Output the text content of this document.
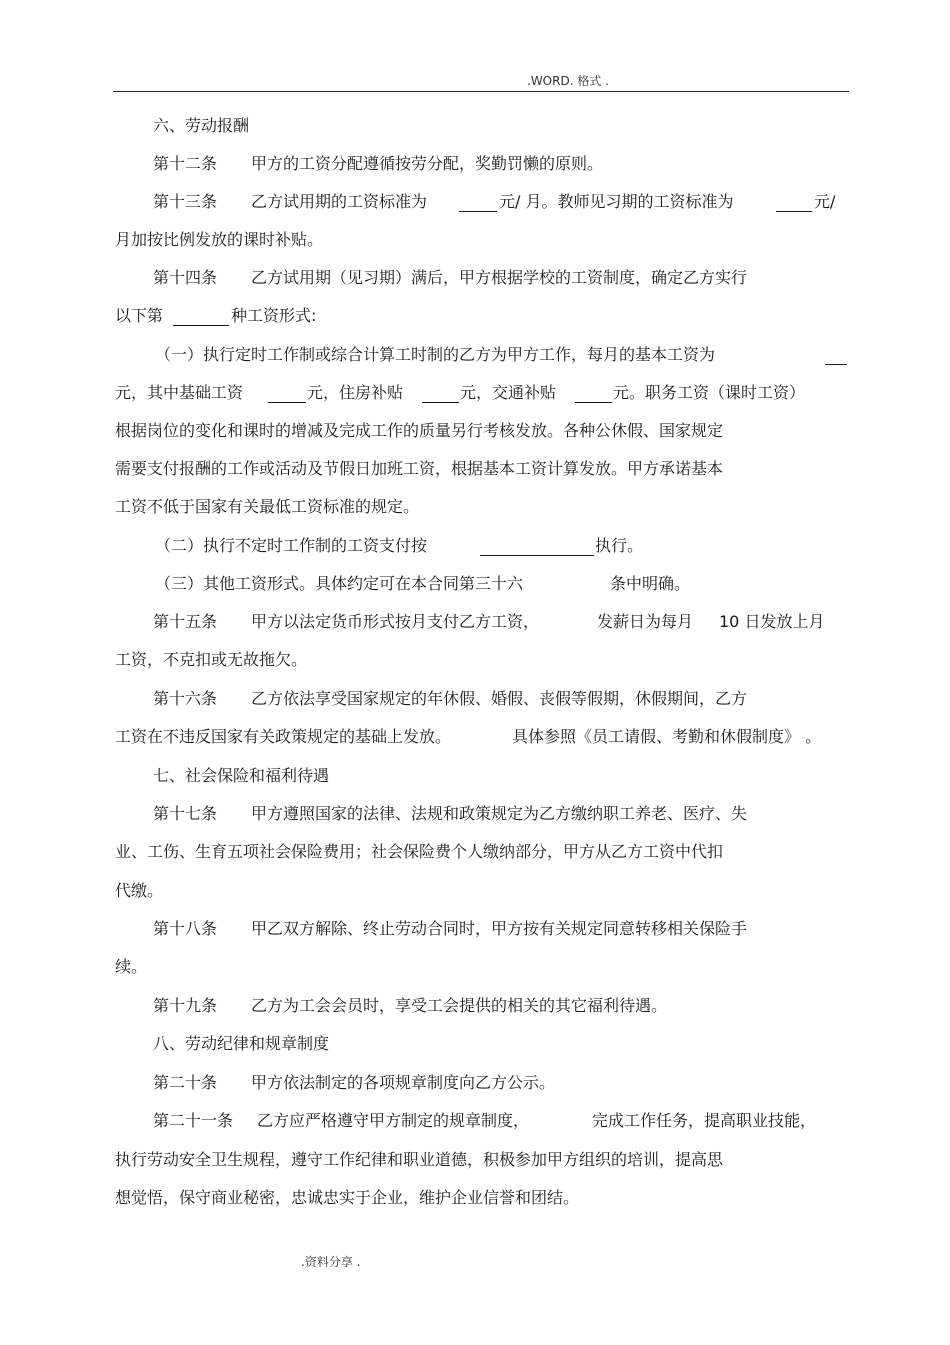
.WORD. 格式 .
六、劳动报酬
第十二条 甲方的工资分配遵循按劳分配，奖勤罚懒的原则。
第十三条 乙方试用期的工资标准为	元/ 月。教师见习期的工资标准为	元/
月加按比例发放的课时补贴。
第十四条 乙方试用期（见习期）满后，甲方根据学校的工资制度，确定乙方实行
以下第	种工资形式:
（一）执行定时工作制或综合计算工时制的乙方为甲方工作，每月的基本工资为
元，其中基础工资	元，住房补贴	元，交通补贴	元。职务工资（课时工资）
根据岗位的变化和课时的增减及完成工作的质量另行考核发放。各种公休假、国家规定
需要支付报酬的工作或活动及节假日加班工资，根据基本工资计算发放。甲方承诺基本
工资不低于国家有关最低工资标准的规定。
（二）执行不定时工作制的工资支付按	执行。
（三）其他工资形式。具体约定可在本合同第三十六	条中明确。
第十五条 甲方以法定货币形式按月支付乙方工资，	发薪日为每月 10 日发放上月
工资，不克扣或无故拖欠。
第十六条 乙方依法享受国家规定的年休假、婚假、丧假等假期，休假期间，乙方
工资在不违反国家有关政策规定的基础上发放。	具体参照《员工请假、考勤和休假制度》 。
七、社会保险和福利待遇
第十七条 甲方遵照国家的法律、法规和政策规定为乙方缴纳职工养老、医疗、失
业、工伤、生育五项社会保险费用；社会保险费个人缴纳部分，甲方从乙方工资中代扣
代缴。
第十八条 甲乙双方解除、终止劳动合同时，甲方按有关规定同意转移相关保险手
续。
第十九条 乙方为工会会员时，享受工会提供的相关的其它福利待遇。
八、劳动纪律和规章制度
第二十条 甲方依法制定的各项规章制度向乙方公示。
第二十一条 乙方应严格遵守甲方制定的规章制度，	完成工作任务，提高职业技能，
执行劳动安全卫生规程，遵守工作纪律和职业道德，积极参加甲方组织的培训，提高思
想觉悟，保守商业秘密，忠诚忠实于企业，维护企业信誉和团结。
.资料分享 .
